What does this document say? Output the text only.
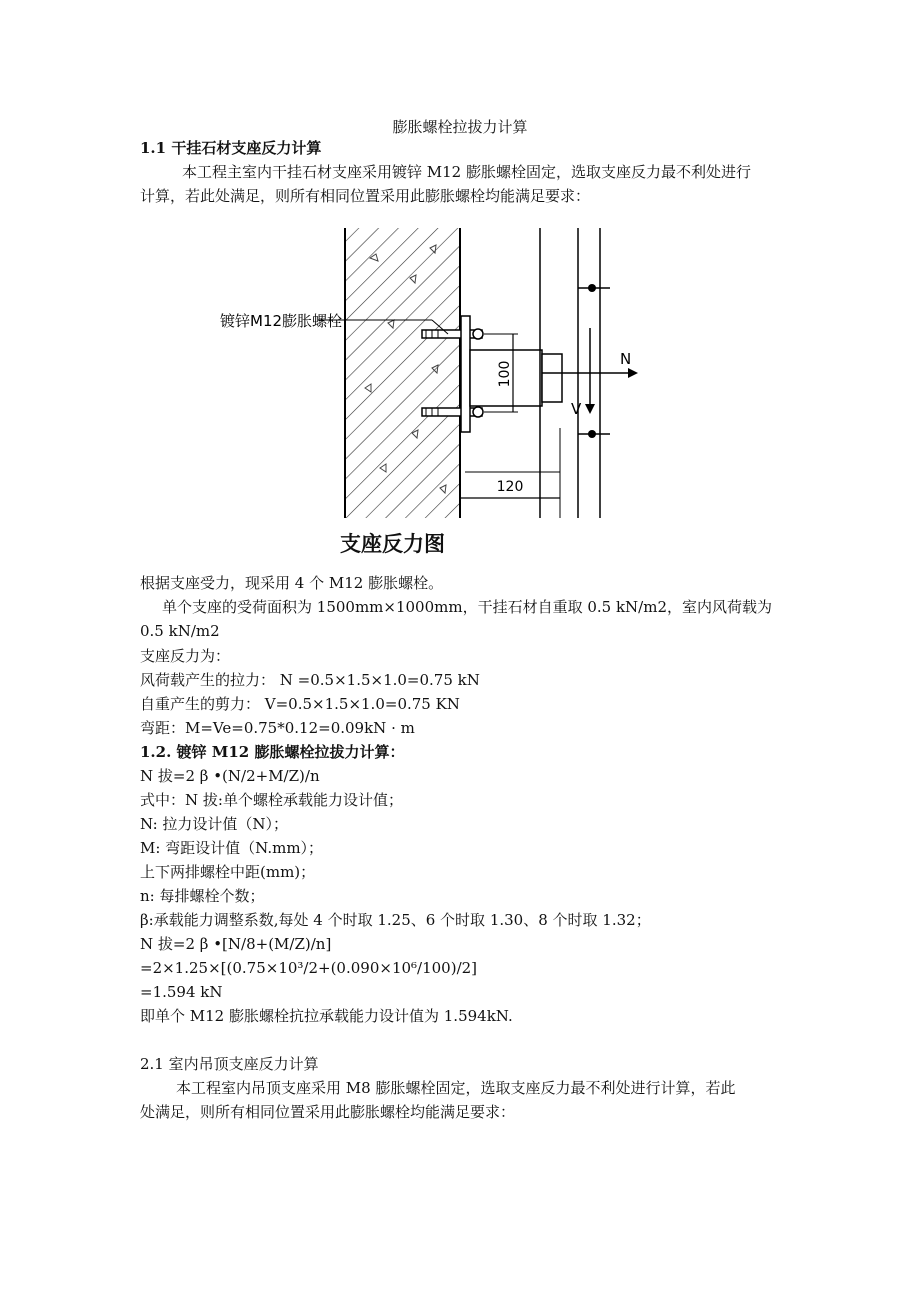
膨胀螺栓拉拔力计算
1.1 干挂石材支座反力计算
本工程主室内干挂石材支座采用镀锌 M12 膨胀螺栓固定，选取支座反力最不利处进行
计算，若此处满足，则所有相同位置采用此膨胀螺栓均能满足要求：
100
120
N
V
镀锌M12膨胀螺栓
支座反力图
根据支座受力，现采用 4 个 M12 膨胀螺栓。
单个支座的受荷面积为 1500mm×1000mm，干挂石材自重取 0.5 kN/m2，室内风荷载为
0.5 kN/m2
支座反力为：
风荷载产生的拉力： N =0.5×1.5×1.0=0.75 kN
自重产生的剪力： V=0.5×1.5×1.0=0.75 KN
弯距：M=Ve=0.75*0.12=0.09kN · m
1.2. 镀锌 M12 膨胀螺栓拉拔力计算：
N 拔=2 β •(N/2+M/Z)/n
式中：N 拔:单个螺栓承载能力设计值；
N: 拉力设计值（N）；
M: 弯距设计值（N.mm）；
上下两排螺栓中距(mm)；
n: 每排螺栓个数；
β:承载能力调整系数,每处 4 个时取 1.25、6 个时取 1.30、8 个时取 1.32；
N 拔=2 β •[N/8+(M/Z)/n]
=2×1.25×[(0.75×10³/2+(0.090×10⁶/100)/2]
=1.594 kN
即单个 M12 膨胀螺栓抗拉承载能力设计值为 1.594kN.
2.1 室内吊顶支座反力计算
本工程室内吊顶支座采用 M8 膨胀螺栓固定，选取支座反力最不利处进行计算，若此
处满足，则所有相同位置采用此膨胀螺栓均能满足要求：
